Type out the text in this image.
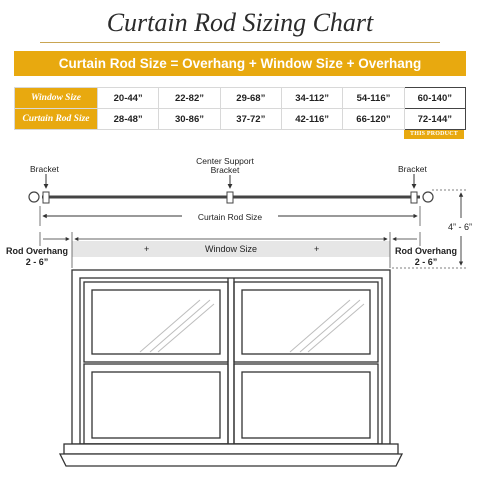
Curtain Rod Sizing Chart
Curtain Rod Size = Overhang + Window Size + Overhang
Window Size	20-44”	22-82”	29-68”	34-112”	54-116”	60-140”
Curtain Rod Size	28-48”	30-86”	37-72”	42-116”	66-120”	72-144”
THIS PRODUCT
Bracket
Center Support
Bracket	Bracket
Curtain Rod Size
4” - 6”
Window Size
+	+
Rod Overhang
2 - 6”
Rod Overhang
2 - 6”
